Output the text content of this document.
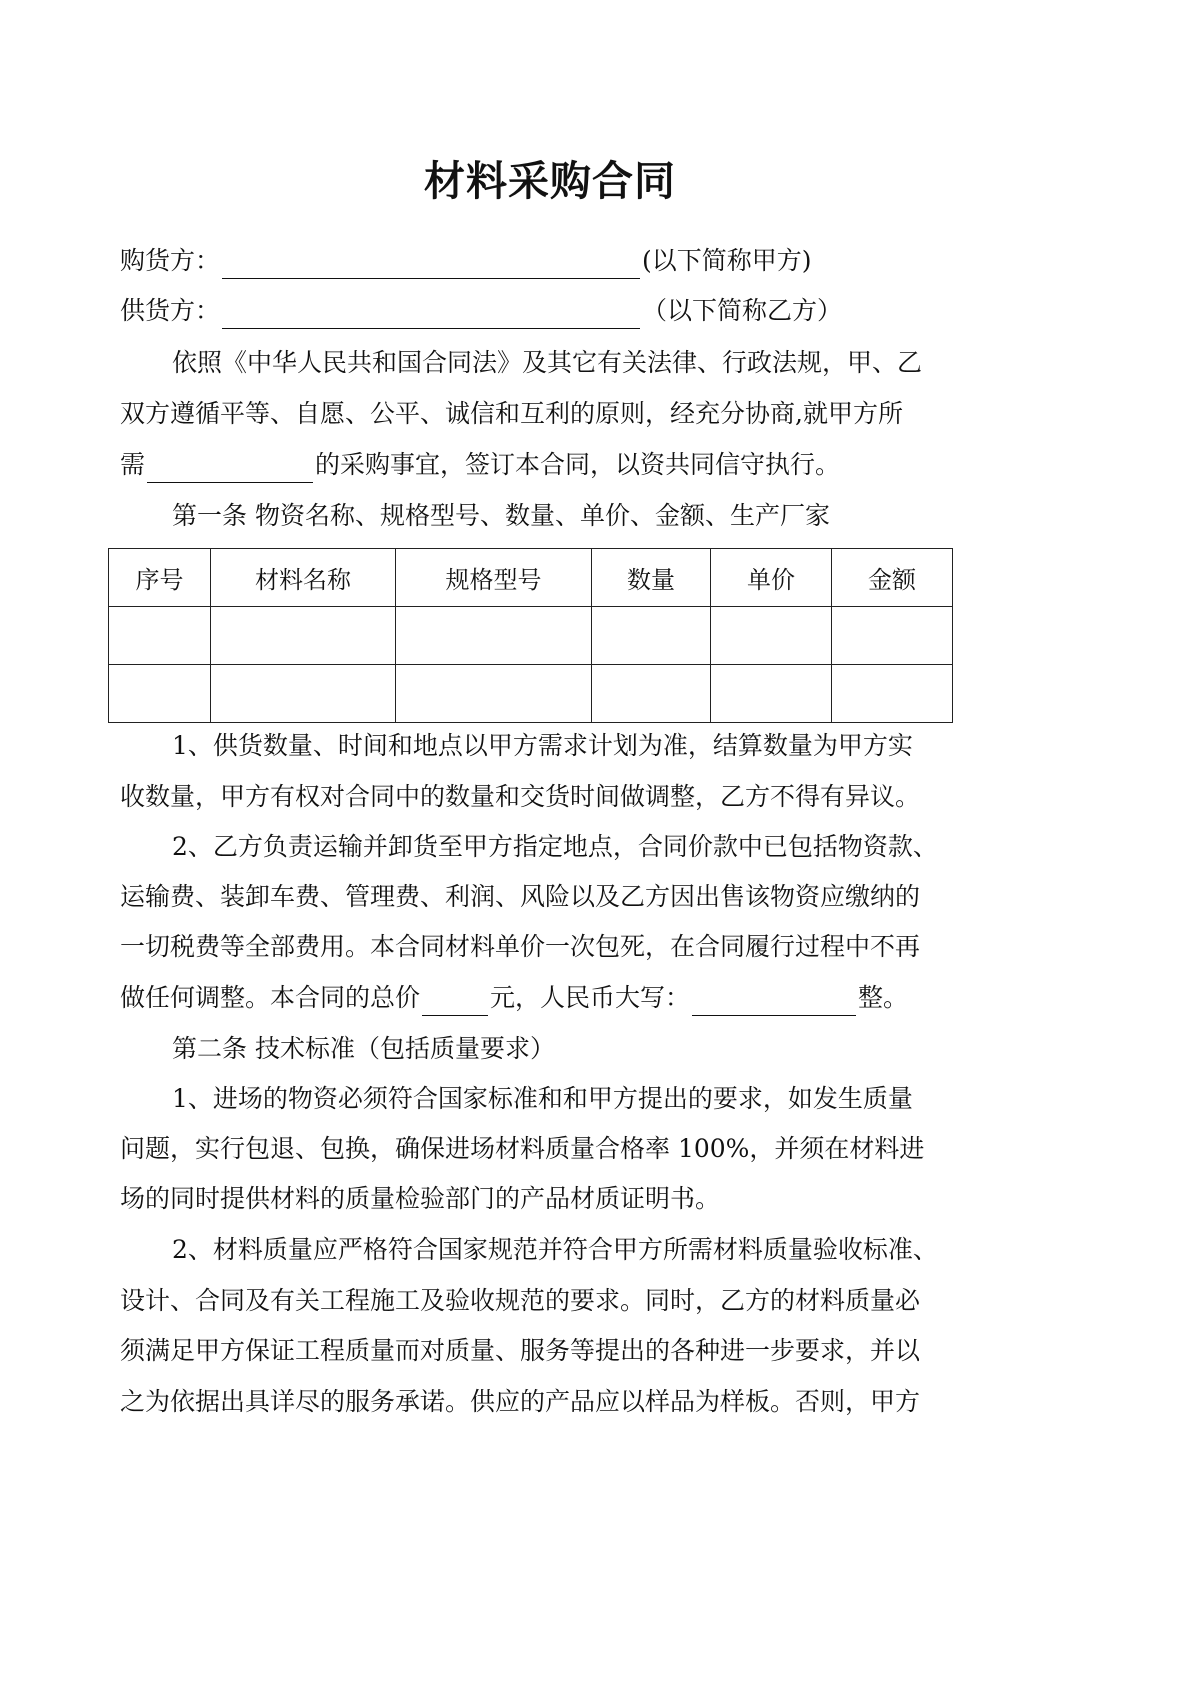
材料采购合同
购货方：	(以下简称甲方)
供货方：	（以下简称乙方）
依照《中华人民共和国合同法》及其它有关法律、行政法规，甲、乙
双方遵循平等、自愿、公平、诚信和互利的原则，经充分协商,就甲方所
需	的采购事宜，签订本合同，以资共同信守执行。
第一条 物资名称、规格型号、数量、单价、金额、生产厂家
序号	材料名称	规格型号	数量	单价	金额

1、供货数量、时间和地点以甲方需求计划为准，结算数量为甲方实
收数量，甲方有权对合同中的数量和交货时间做调整，乙方不得有异议。
2、乙方负责运输并卸货至甲方指定地点，合同价款中已包括物资款、
运输费、装卸车费、管理费、利润、风险以及乙方因出售该物资应缴纳的
一切税费等全部费用。本合同材料单价一次包死，在合同履行过程中不再
做任何调整。本合同的总价	元，人民币大写：	整。
第二条 技术标准（包括质量要求）
1、进场的物资必须符合国家标准和和甲方提出的要求，如发生质量
问题，实行包退、包换，确保进场材料质量合格率 100%，并须在材料进
场的同时提供材料的质量检验部门的产品材质证明书。
2、材料质量应严格符合国家规范并符合甲方所需材料质量验收标准、
设计、合同及有关工程施工及验收规范的要求。同时，乙方的材料质量必
须满足甲方保证工程质量而对质量、服务等提出的各种进一步要求，并以
之为依据出具详尽的服务承诺。供应的产品应以样品为样板。否则，甲方
